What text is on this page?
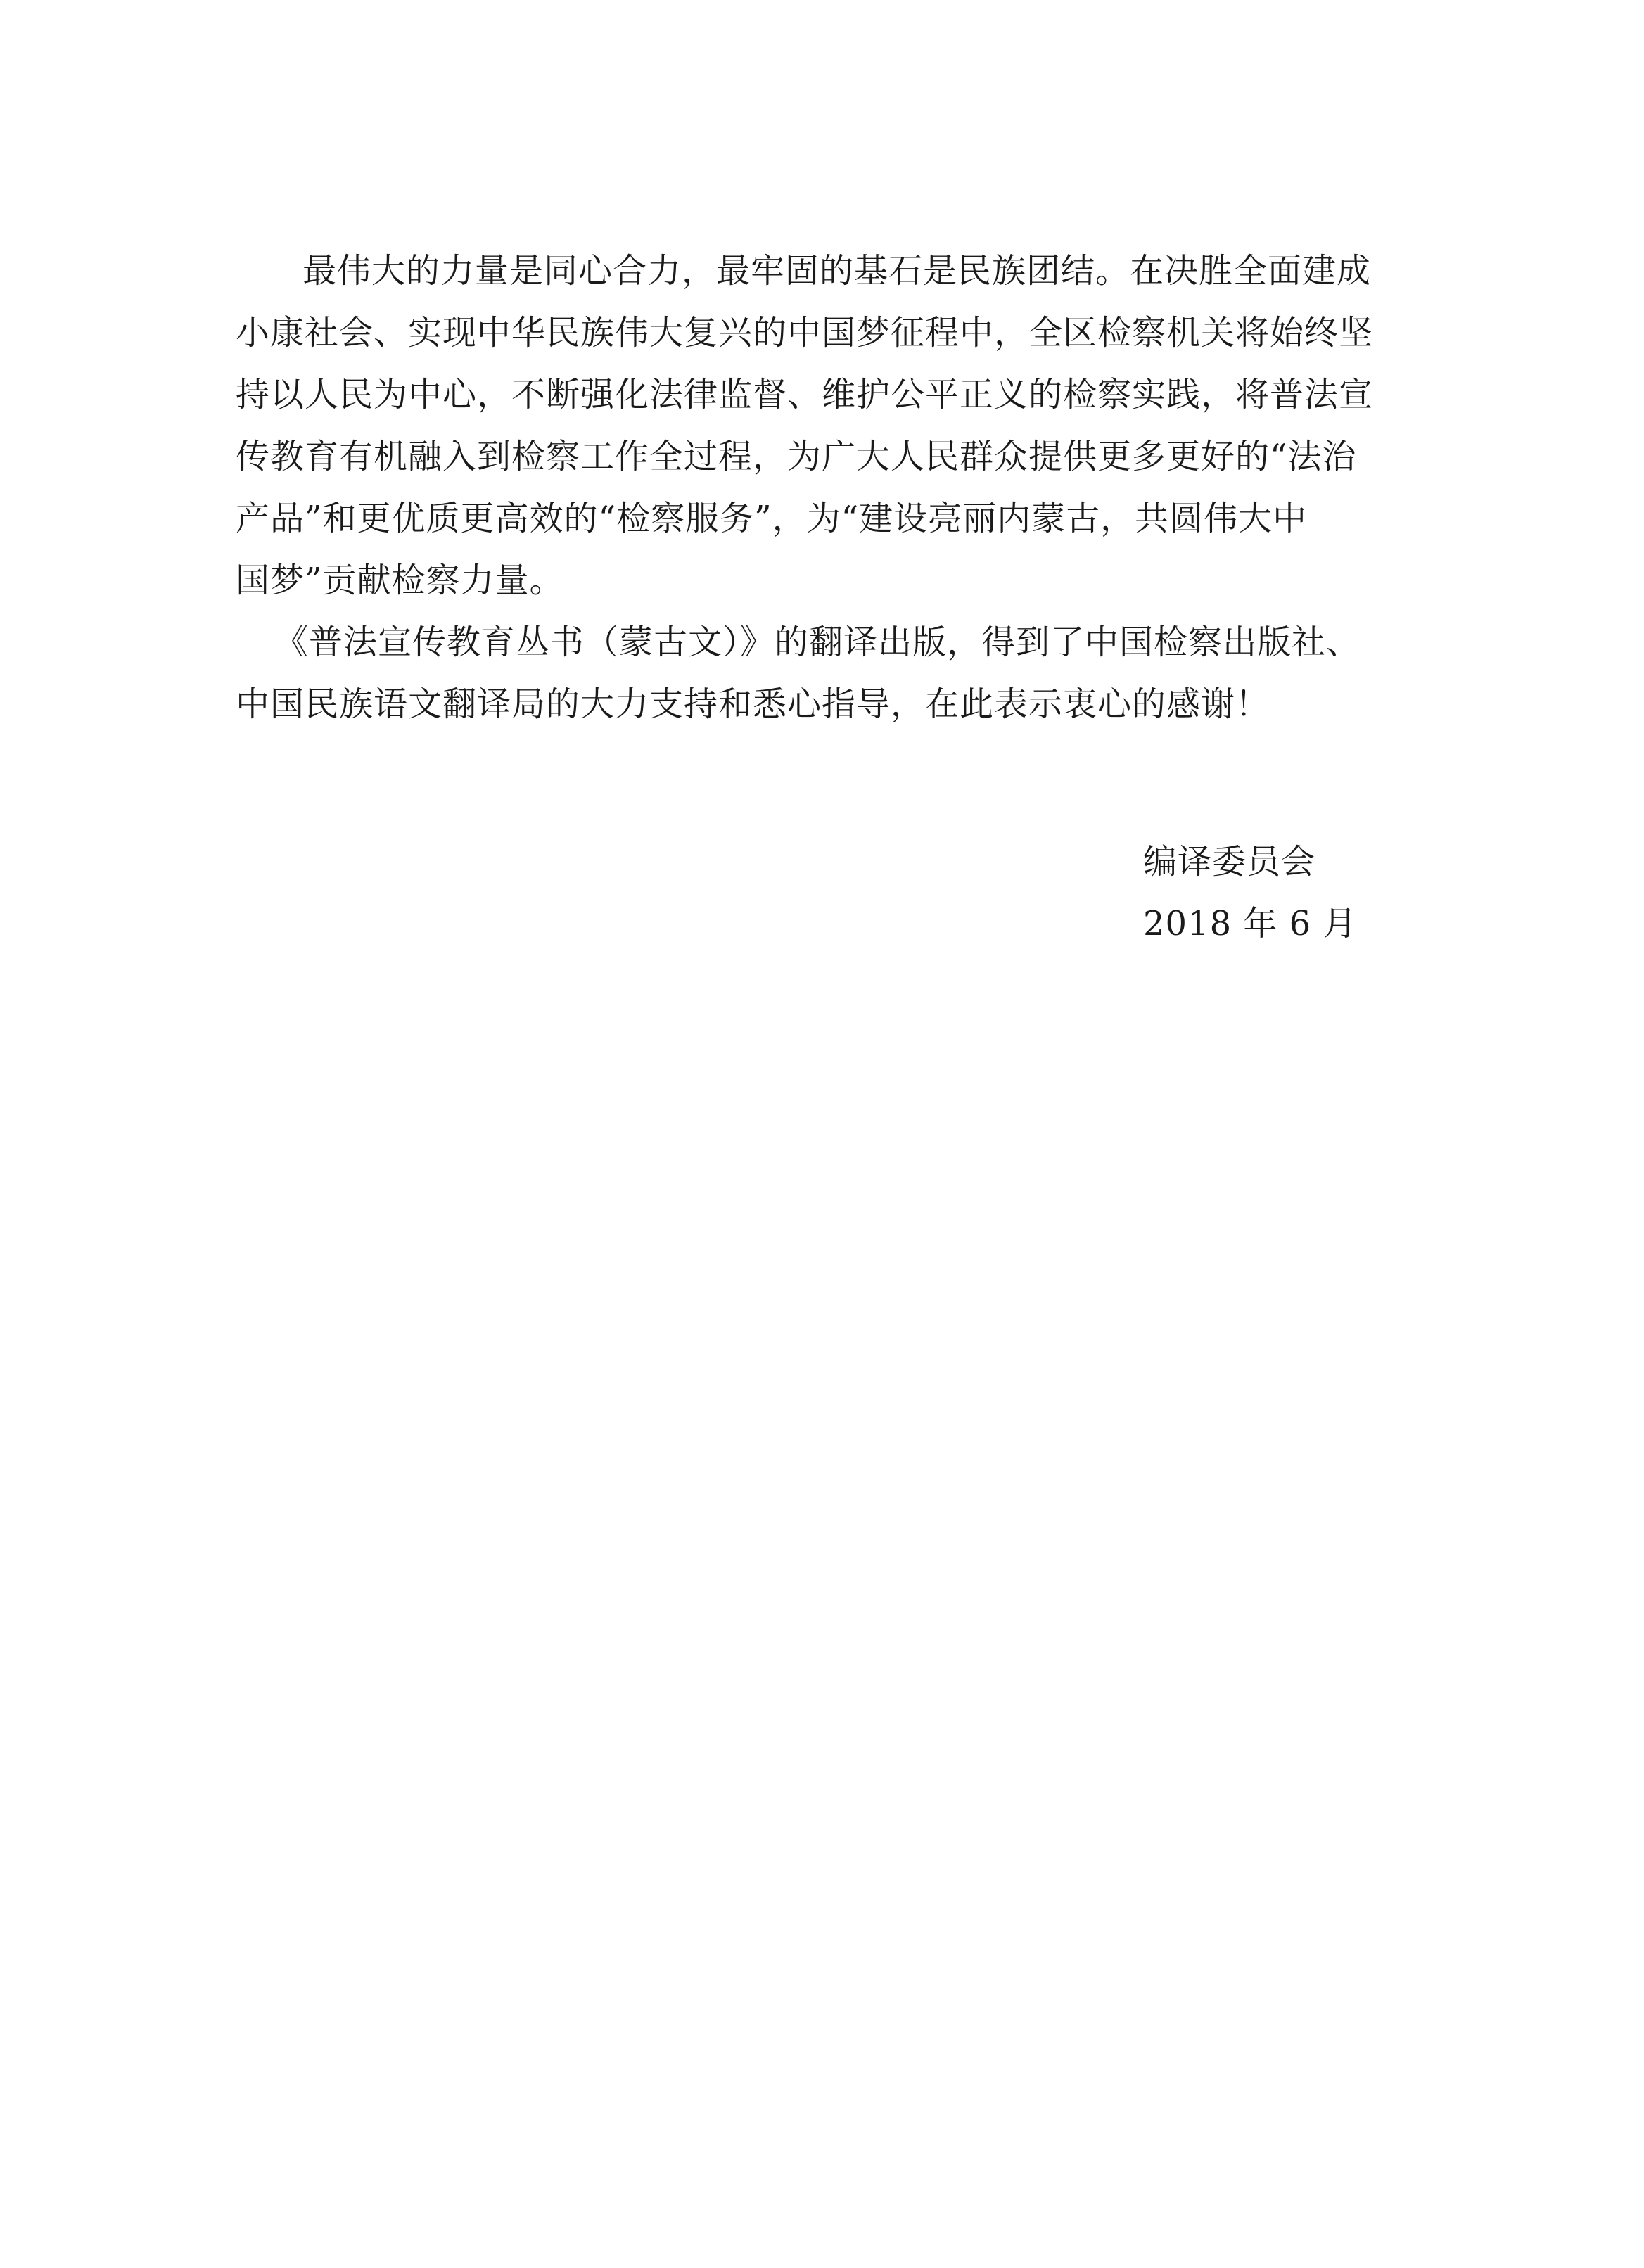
最伟大的力量是同心合力，最牢固的基石是民族团结。在决胜全面建成
小康社会、实现中华民族伟大复兴的中国梦征程中，全区检察机关将始终坚
持以人民为中心，不断强化法律监督、维护公平正义的检察实践，将普法宣
传教育有机融入到检察工作全过程，为广大人民群众提供更多更好的“法治
产品”和更优质更高效的“检察服务”，为“建设亮丽内蒙古，共圆伟大中
国梦”贡献检察力量。
《普法宣传教育丛书（蒙古文）》的翻译出版，得到了中国检察出版社、
中国民族语文翻译局的大力支持和悉心指导，在此表示衷心的感谢！
编译委员会
2018 年 6 月
